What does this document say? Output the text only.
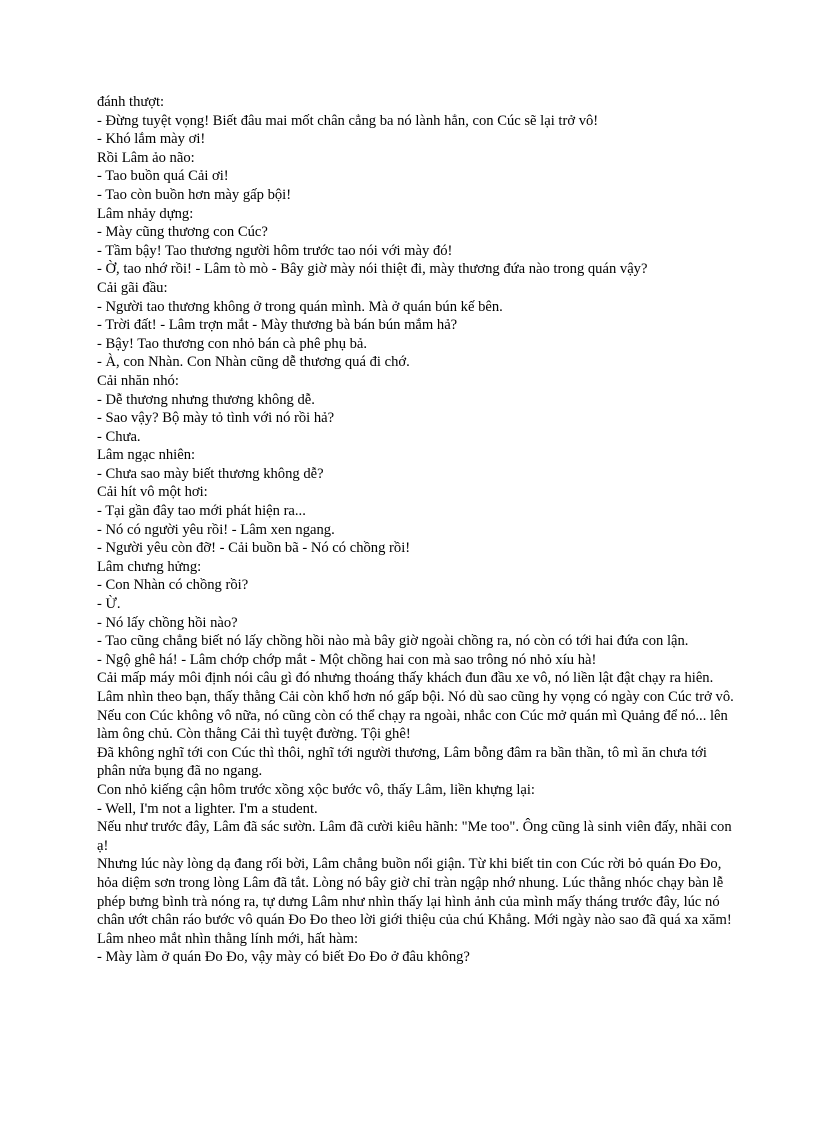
đánh thượt:

- Đừng tuyệt vọng! Biết đâu mai mốt chân cẳng ba nó lành hẳn, con Cúc sẽ lại trở vô!

- Khó lắm mày ơi!

Rồi Lâm ảo não:

- Tao buồn quá Cải ơi!

- Tao còn buồn hơn mày gấp bội!

Lâm nhảy dựng:

- Mày cũng thương con Cúc?

- Tầm bậy! Tao thương người hôm trước tao nói với mày đó!

- Ờ, tao nhớ rồi! - Lâm tò mò - Bây giờ mày nói thiệt đi, mày thương đứa nào trong quán vậy?

Cải gãi đầu:

- Người tao thương không ở trong quán mình. Mà ở quán bún kế bên.

- Trời đất! - Lâm trợn mắt - Mày thương bà bán bún mắm hả?

- Bậy! Tao thương con nhỏ bán cà phê phụ bả.

- À, con Nhàn. Con Nhàn cũng dễ thương quá đi chớ.

Cải nhăn nhó:

- Dễ thương nhưng thương không dễ.

- Sao vậy? Bộ mày tỏ tình với nó rồi hả?

- Chưa.

Lâm ngạc nhiên:

- Chưa sao mày biết thương không dễ?

Cải hít vô một hơi:

- Tại gần đây tao mới phát hiện ra...

- Nó có người yêu rồi! - Lâm xen ngang.

- Người yêu còn đỡ! - Cải buồn bã - Nó có chồng rồi!

Lâm chưng hửng:

- Con Nhàn có chồng rồi?

- Ừ.

- Nó lấy chồng hồi nào?

- Tao cũng chẳng biết nó lấy chồng hồi nào mà bây giờ ngoài chồng ra, nó còn có tới hai đứa con lận.

- Ngộ ghê há! - Lâm chớp chớp mắt - Một chồng hai con mà sao trông nó nhỏ xíu hà!

Cải mấp máy môi định nói câu gì đó nhưng thoáng thấy khách đun đầu xe vô, nó liền lật đật chạy ra hiên.

Lâm nhìn theo bạn, thấy thằng Cải còn khổ hơn nó gấp bội. Nó dù sao cũng hy vọng có ngày con Cúc trở vô. Nếu con Cúc không vô nữa, nó cũng còn có thể chạy ra ngoài, nhắc con Cúc mở quán mì Quảng để nó... lên làm ông chủ. Còn thằng Cải thì tuyệt đường. Tội ghê!

Đã không nghĩ tới con Cúc thì thôi, nghĩ tới người thương, Lâm bỗng đâm ra bần thần, tô mì ăn chưa tới phân nửa bụng đã no ngang.

Con nhỏ kiếng cận hôm trước xồng xộc bước vô, thấy Lâm, liền khựng lại:

- Well, I'm not a lighter. I'm a student.

Nếu như trước đây, Lâm đã sác sườn. Lâm đã cười kiêu hãnh: "Me too". Ông cũng là sinh viên đấy, nhãi con ạ!

Nhưng lúc này lòng dạ đang rối bời, Lâm chẳng buồn nổi giận. Từ khi biết tin con Cúc rời bỏ quán Đo Đo, hỏa diệm sơn trong lòng Lâm đã tắt. Lòng nó bây giờ chỉ tràn ngập nhớ nhung. Lúc thằng nhóc chạy bàn lễ phép bưng bình trà nóng ra, tự dưng Lâm như nhìn thấy lại hình ảnh của mình mấy tháng trước đây, lúc nó chân ướt chân ráo bước vô quán Đo Đo theo lời giới thiệu của chú Khẳng. Mới ngày nào sao đã quá xa xăm!

Lâm nheo mắt nhìn thằng lính mới, hất hàm:

- Mày làm ở quán Đo Đo, vậy mày có biết Đo Đo ở đâu không?
